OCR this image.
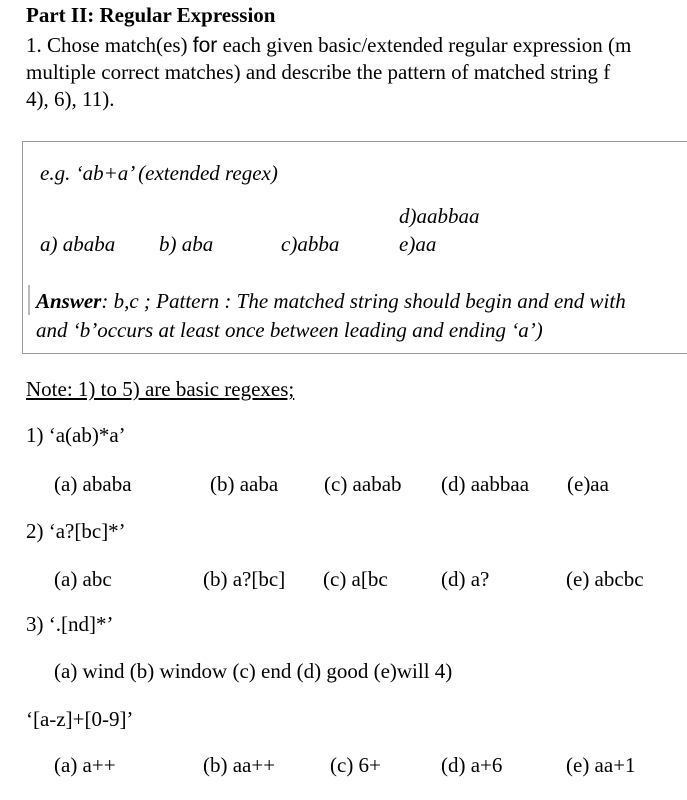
Part II: Regular Expression
1. Chose match(es) for each given basic/extended regular expression (m
multiple correct matches) and describe the pattern of matched string f
4), 6), 11).
e.g. ‘ab+a’ (extended regex)
a) ababa b) aba	c)abba
d)aabbaa
e)aa
Answer: b,c ; Pattern : The matched string should begin and end with
and ‘b’occurs at least once between leading and ending ‘a’)
Note: 1) to 5) are basic regexes;
1) ‘a(ab)*a’
(a) ababa	(b) aaba (c) aabab (d) aabbaa (e)aa
2) ‘a?[bc]*’
(a) abc	(b) a?[bc] (c) a[bc	(d) a?	(e) abcbc
3) ‘.[nd]*’
(a) wind (b) window (c) end (d) good (e)will 4)
‘[a-z]+[0-9]’
(a) a++	(b) aa++	(c) 6+	(d) a+6	(e) aa+1
